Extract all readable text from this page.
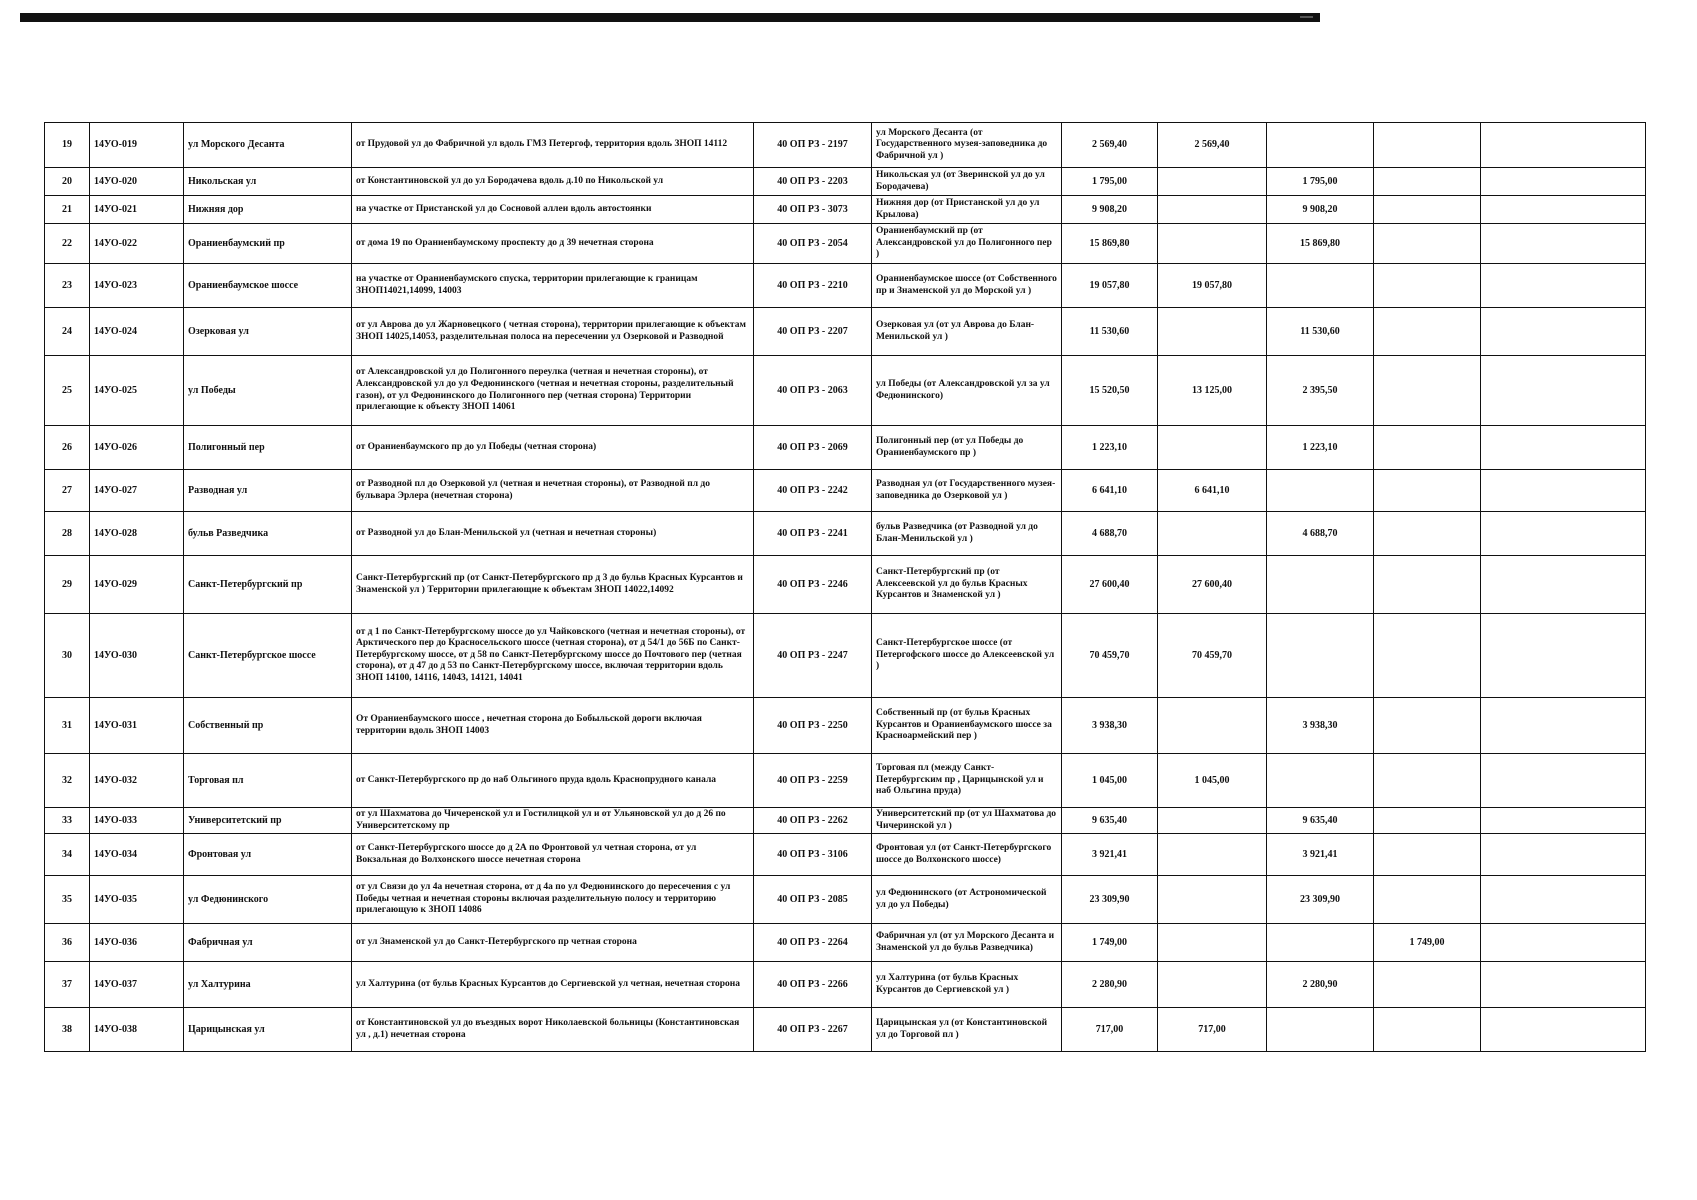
19	14УО-019	ул Морского Десанта	от Прудовой ул до Фабричной ул вдоль ГМЗ Петергоф, территория вдоль ЗНОП 14112	40 ОП РЗ - 2197	ул Морского Десанта (от Государственного музея-заповедника до Фабричной ул )	2 569,40	2 569,40			
20	14УО-020	Никольская ул	от Константиновской ул до ул Бородачева вдоль д.10 по Никольской ул	40 ОП РЗ - 2203	Никольская ул (от Зверинской ул до ул Бородачева)	1 795,00		1 795,00		
21	14УО-021	Нижняя дор	на участке от Пристанской ул до Сосновой аллеи вдоль автостоянки	40 ОП РЗ - 3073	Нижняя дор (от Пристанской ул до ул Крылова)	9 908,20		9 908,20		
22	14УО-022	Ораниенбаумский пр	от дома 19 по Ораниенбаумскому проспекту до д 39 нечетная сторона	40 ОП РЗ - 2054	Ораниенбаумский пр (от Александровской ул до Полигонного пер )	15 869,80		15 869,80		
23	14УО-023	Ораниенбаумское шоссе	на участке от Ораниенбаумского спуска, территории прилегающие к границам ЗНОП14021,14099, 14003	40 ОП РЗ - 2210	Ораниенбаумское шоссе (от Собственного пр и Знаменской ул до Морской ул )	19 057,80	19 057,80			
24	14УО-024	Озерковая ул	от ул Аврова до ул Жарновецкого ( четная сторона), территории прилегающие к объектам ЗНОП 14025,14053, разделительная полоса на пересечении ул Озерковой и Разводной	40 ОП РЗ - 2207	Озерковая ул (от ул Аврова до Блан-Менильской ул )	11 530,60		11 530,60		
25	14УО-025	ул Победы	от Александровской ул до Полигонного переулка (четная и нечетная стороны), от Александровской ул до ул Федюнинского (четная и нечетная стороны, разделительный газон), от ул Федюнинского до Полигонного пер (четная сторона) Территории прилегающие к объекту ЗНОП 14061	40 ОП РЗ - 2063	ул Победы (от Александровской ул за ул Федюнинского)	15 520,50	13 125,00	2 395,50		
26	14УО-026	Полигонный пер	от Ораниенбаумского пр до ул Победы (четная сторона)	40 ОП РЗ - 2069	Полигонный пер (от ул Победы до Ораниенбаумского пр )	1 223,10		1 223,10		
27	14УО-027	Разводная ул	от Разводной пл до Озерковой ул (четная и нечетная стороны), от Разводной пл до бульвара Эрлера (нечетная сторона)	40 ОП РЗ - 2242	Разводная ул (от Государственного музея-заповедника до Озерковой ул )	6 641,10	6 641,10			
28	14УО-028	бульв Разведчика	от Разводной ул до Блан-Менильской ул (четная и нечетная стороны)	40 ОП РЗ - 2241	бульв Разведчика (от Разводной ул до Блан-Менильской ул )	4 688,70		4 688,70		
29	14УО-029	Санкт-Петербургский пр	Санкт-Петербургский пр (от Санкт-Петербургского пр д 3 до бульв Красных Курсантов и Знаменской ул ) Территории прилегающие к объектам ЗНОП 14022,14092	40 ОП РЗ - 2246	Санкт-Петербургский пр (от Алексеевской ул до бульв Красных Курсантов и Знаменской ул )	27 600,40	27 600,40			
30	14УО-030	Санкт-Петербургское шоссе	от д 1 по Санкт-Петербургскому шоссе до ул Чайковского (четная и нечетная стороны), от Арктического пер до Красносельского шоссе (четная сторона), от д 54/1 до 56Б по Санкт-Петербургскому шоссе, от д 58 по Санкт-Петербургскому шоссе до Почтового пер (четная сторона), от д 47 до д 53 по Санкт-Петербургскому шоссе, включая территории вдоль ЗНОП 14100, 14116, 14043, 14121, 14041	40 ОП РЗ - 2247	Санкт-Петербургское шоссе (от Петергофского шоссе до Алексеевской ул )	70 459,70	70 459,70			
31	14УО-031	Собственный пр	От Ораниенбаумского шоссе , нечетная сторона до Бобыльской дороги включая территории вдоль ЗНОП 14003	40 ОП РЗ - 2250	Собственный пр (от бульв Красных Курсантов и Ораниенбаумского шоссе за Красноармейский пер )	3 938,30		3 938,30		
32	14УО-032	Торговая пл	от Санкт-Петербургского пр до наб Ольгиного пруда вдоль Краснопрудного канала	40 ОП РЗ - 2259	Торговая пл (между Санкт-Петербургским пр , Царицынской ул и наб Ольгина пруда)	1 045,00	1 045,00			
33	14УО-033	Университетский пр	от ул Шахматова до Чичеренской ул и Гостилицкой ул и от Ульяновской ул до д 26 по Университетскому пр	40 ОП РЗ - 2262	Университетский пр (от ул Шахматова до Чичеринской ул )	9 635,40		9 635,40		
34	14УО-034	Фронтовая ул	от Санкт-Петербургского шоссе до д 2А по Фронтовой ул четная сторона, от ул Вокзальная до Волхонского шоссе нечетная сторона	40 ОП РЗ - 3106	Фронтовая ул (от Санкт-Петербургского шоссе до Волхонского шоссе)	3 921,41		3 921,41		
35	14УО-035	ул Федюнинского	от ул Связи до ул 4а нечетная сторона, от д 4а по ул Федюнинского до пересечения с ул Победы четная и нечетная стороны включая разделительную полосу и территорию прилегающую к ЗНОП 14086	40 ОП РЗ - 2085	ул Федюнинского (от Астрономической ул до ул Победы)	23 309,90		23 309,90		
36	14УО-036	Фабричная ул	от ул Знаменской ул до Санкт-Петербургского пр четная сторона	40 ОП РЗ - 2264	Фабричная ул (от ул Морского Десанта и Знаменской ул до бульв Разведчика)	1 749,00			1 749,00	
37	14УО-037	ул Халтурина	ул Халтурина (от бульв Красных Курсантов до Сергиевской ул четная, нечетная сторона	40 ОП РЗ - 2266	ул Халтурина (от бульв Красных Курсантов до Сергиевской ул )	2 280,90		2 280,90		
38	14УО-038	Царицынская ул	от Константиновской ул до въездных ворот Николаевской больницы (Константиновская ул , д.1) нечетная сторона	40 ОП РЗ - 2267	Царицынская ул (от Константиновской ул до Торговой пл )	717,00	717,00			
